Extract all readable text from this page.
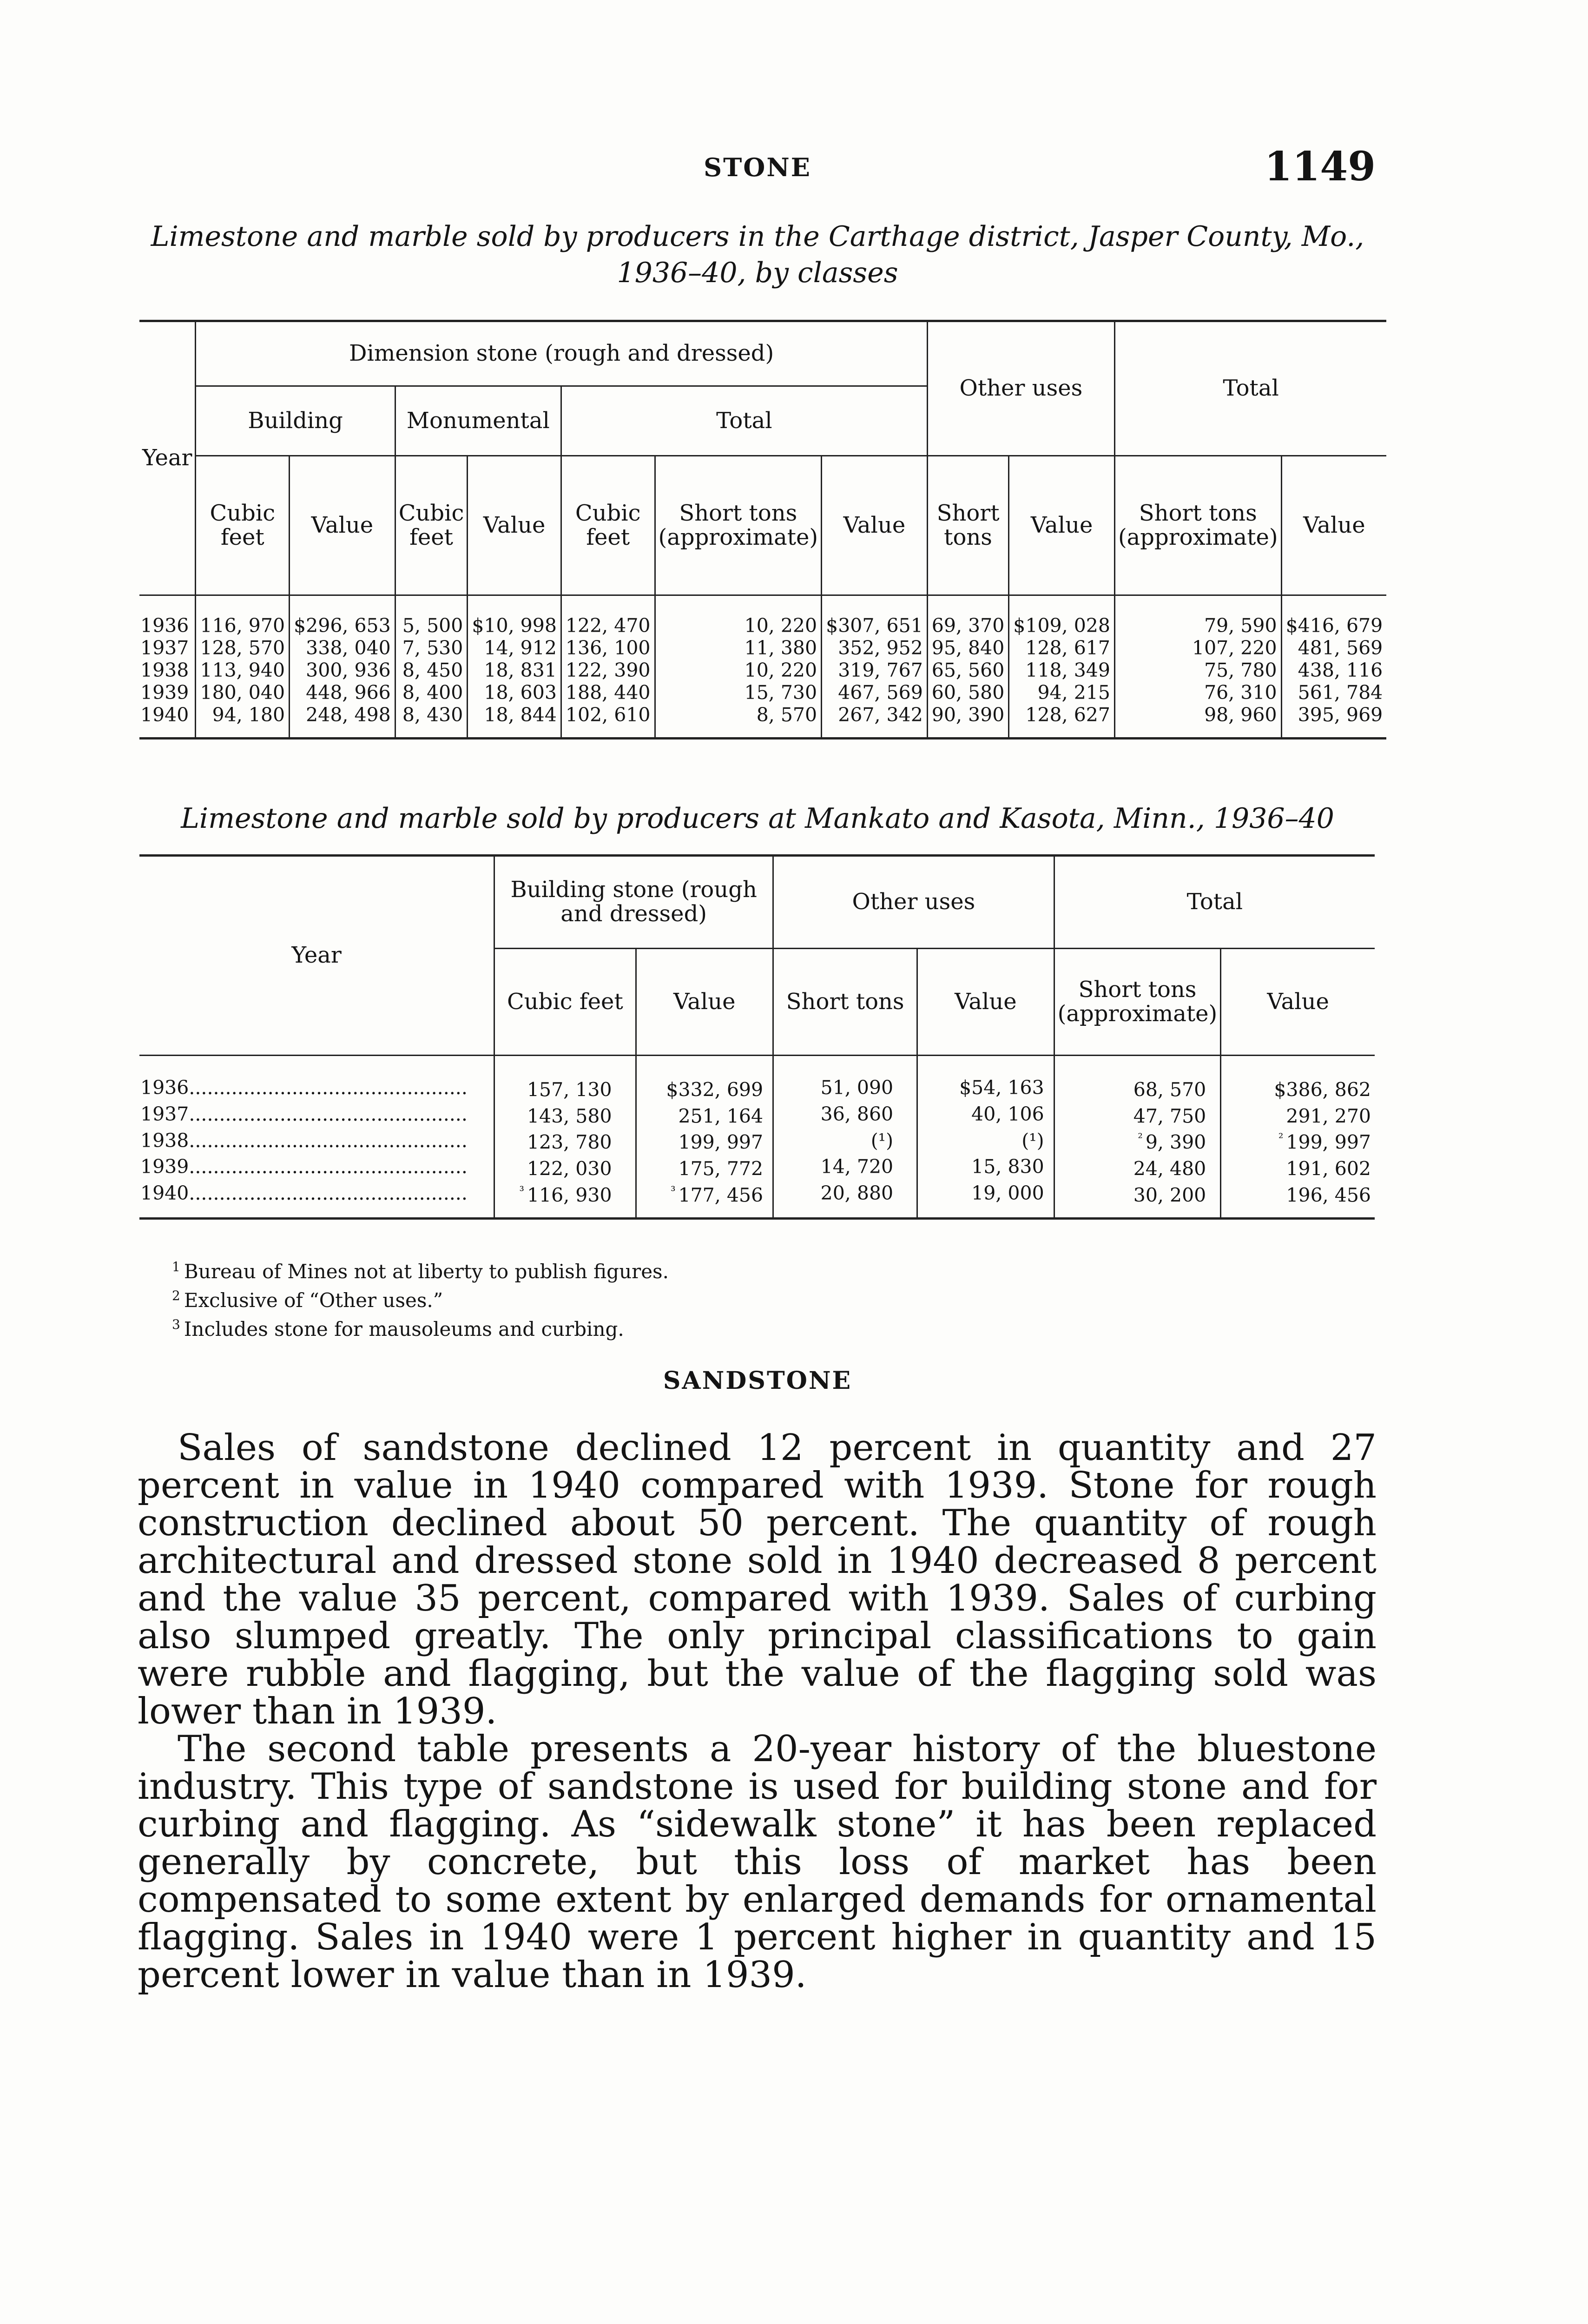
STONE	1149
Limestone and marble sold by producers in the Carthage district, Jasper County, Mo.,
1936–40, by classes
Year	Dimension stone (rough and dressed)							Other uses		Total	
	Building		Monumental		Total						
	Cubic feet	Value	Cubic feet	Value	Cubic feet	Short tons (approximate)	Value	Short tons	Value	Short tons (approximate)	Value

1936	116, 970	$296, 653	5, 500	$10, 998	122, 470	10, 220	$307, 651	69, 370	$109, 028	79, 590	$416, 679
1937	128, 570	338, 040	7, 530	14, 912	136, 100	11, 380	352, 952	95, 840	128, 617	107, 220	481, 569
1938	113, 940	300, 936	8, 450	18, 831	122, 390	10, 220	319, 767	65, 560	118, 349	75, 780	438, 116
1939	180, 040	448, 966	8, 400	18, 603	188, 440	15, 730	467, 569	60, 580	94, 215	76, 310	561, 784
1940	94, 180	248, 498	8, 430	18, 844	102, 610	8, 570	267, 342	90, 390	128, 627	98, 960	395, 969

Limestone and marble sold by producers at Mankato and Kasota, Minn., 1936–40
Year	Building stone (rough and dressed)		Other uses		Total	
	Cubic feet	Value	Short tons	Value	Short tons (approximate)	Value

1936..............................................	157, 130	$332, 699	51, 090	$54, 163	68, 570	$386, 862
1937..............................................	143, 580	251, 164	36, 860	40, 106	47, 750	291, 270
1938..............................................	123, 780	199, 997	(¹)	(¹)	$^{^2}$ 9, 390	$^{^2}$ 199, 997
1939..............................................	122, 030	175, 772	14, 720	15, 830	24, 480	191, 602
1940..............................................	$^{^3}$ 116, 930	$^{^3}$ 177, 456	20, 880	19, 000	30, 200	196, 456

$^1$ Bureau of Mines not at liberty to publish figures.
$^2$ Exclusive of “Other uses.”
$^3$ Includes stone for mausoleums and curbing.
SANDSTONE

Sales of sandstone declined 12 percent in quantity and 27 percent in value in 1940 compared with 1939. Stone for rough construction declined about 50 percent. The quantity of rough architectural and dressed stone sold in 1940 decreased 8 percent and the value 35 percent, compared with 1939. Sales of curbing also slumped greatly. The only principal classifications to gain were rubble and flagging, but the value of the flagging sold was lower than in 1939.

The second table presents a 20-year history of the bluestone industry. This type of sandstone is used for building stone and for curbing and flagging. As “sidewalk stone” it has been replaced generally by concrete, but this loss of market has been compensated to some extent by enlarged demands for ornamental flagging. Sales in 1940 were 1 percent higher in quantity and 15 percent lower in value than in 1939.
